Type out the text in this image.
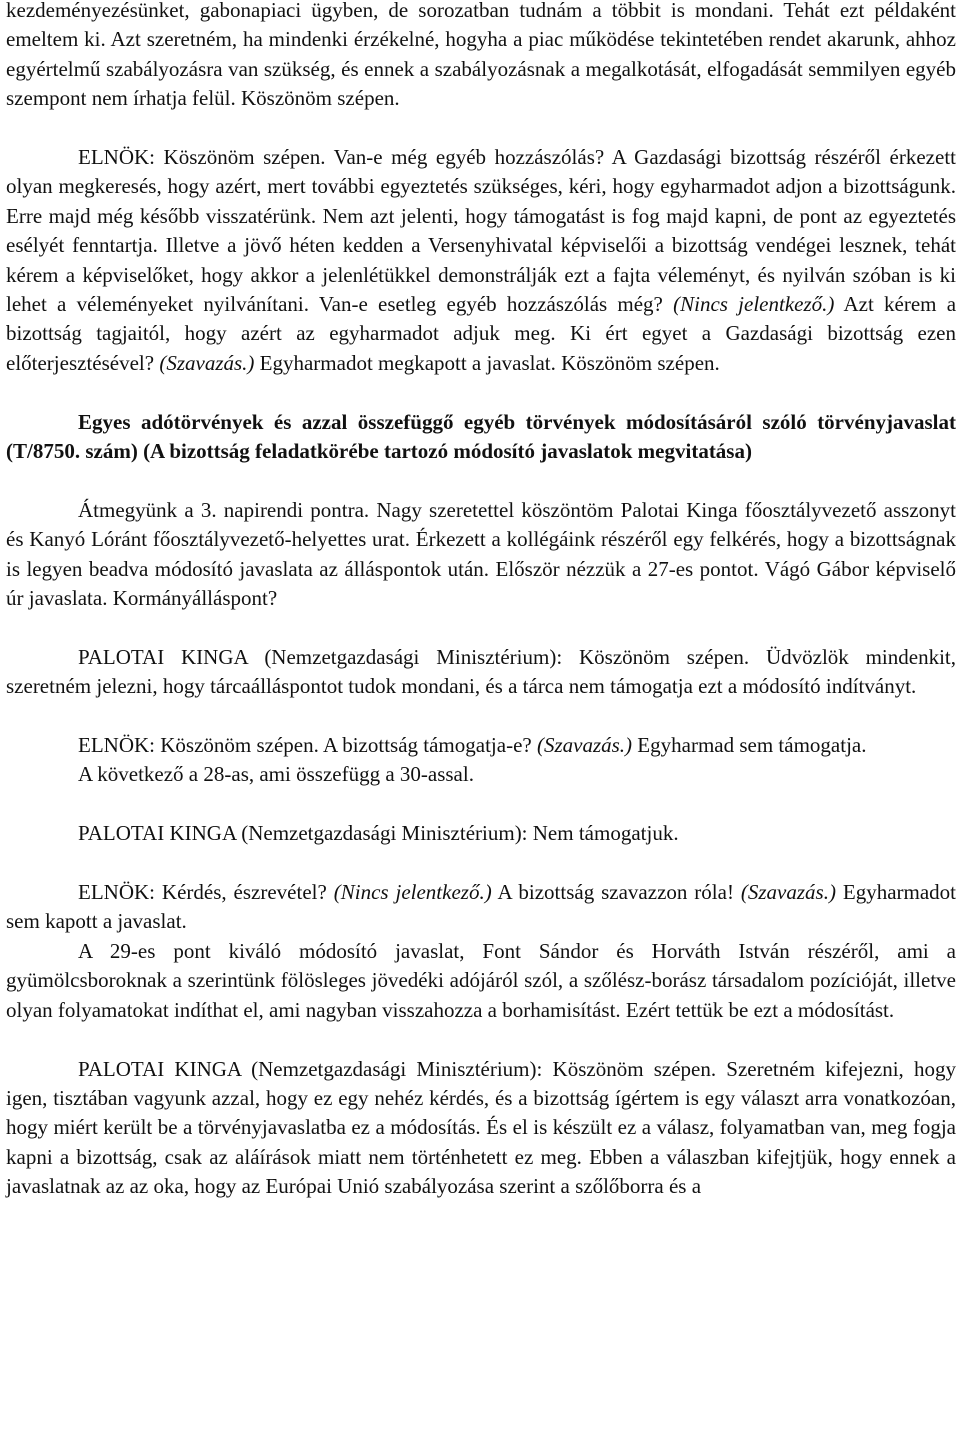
kezdeményezésünket, gabonapiaci ügyben, de sorozatban tudnám a többit is mondani. Tehát ezt példaként emeltem ki. Azt szeretném, ha mindenki érzékelné, hogyha a piac működése tekintetében rendet akarunk, ahhoz egyértelmű szabályozásra van szükség, és ennek a szabályozásnak a megalkotását, elfogadását semmilyen egyéb szempont nem írhatja felül. Köszönöm szépen.

ELNÖK: Köszönöm szépen. Van-e még egyéb hozzászólás? A Gazdasági bizottság részéről érkezett olyan megkeresés, hogy azért, mert további egyeztetés szükséges, kéri, hogy egyharmadot adjon a bizottságunk. Erre majd még később visszatérünk. Nem azt jelenti, hogy támogatást is fog majd kapni, de pont az egyeztetés esélyét fenntartja. Illetve a jövő héten kedden a Versenyhivatal képviselői a bizottság vendégei lesznek, tehát kérem a képviselőket, hogy akkor a jelenlétükkel demonstrálják ezt a fajta véleményt, és nyilván szóban is ki lehet a véleményeket nyilvánítani. Van-e esetleg egyéb hozzászólás még? (Nincs jelentkező.) Azt kérem a bizottság tagjaitól, hogy azért az egyharmadot adjuk meg. Ki ért egyet a Gazdasági bizottság ezen előterjesztésével? (Szavazás.) Egyharmadot megkapott a javaslat. Köszönöm szépen.

Egyes adótörvények és azzal összefüggő egyéb törvények módosításáról szóló törvényjavaslat (T/8750. szám) (A bizottság feladatkörébe tartozó módosító javaslatok megvitatása)

Átmegyünk a 3. napirendi pontra. Nagy szeretettel köszöntöm Palotai Kinga főosztályvezető asszonyt és Kanyó Lóránt főosztályvezető-helyettes urat. Érkezett a kollégáink részéről egy felkérés, hogy a bizottságnak is legyen beadva módosító javaslata az álláspontok után. Először nézzük a 27-es pontot. Vágó Gábor képviselő úr javaslata. Kormányálláspont?

PALOTAI KINGA (Nemzetgazdasági Minisztérium): Köszönöm szépen. Üdvözlök mindenkit, szeretném jelezni, hogy tárcaálláspontot tudok mondani, és a tárca nem támogatja ezt a módosító indítványt.

ELNÖK: Köszönöm szépen. A bizottság támogatja-e? (Szavazás.) Egyharmad sem támogatja.

A következő a 28-as, ami összefügg a 30-assal.

PALOTAI KINGA (Nemzetgazdasági Minisztérium): Nem támogatjuk.

ELNÖK: Kérdés, észrevétel? (Nincs jelentkező.) A bizottság szavazzon róla! (Szavazás.) Egyharmadot sem kapott a javaslat.

A 29-es pont kiváló módosító javaslat, Font Sándor és Horváth István részéről, ami a gyümölcsboroknak a szerintünk fölösleges jövedéki adójáról szól, a szőlész-borász társadalom pozícióját, illetve olyan folyamatokat indíthat el, ami nagyban visszahozza a borhamisítást. Ezért tettük be ezt a módosítást.

PALOTAI KINGA (Nemzetgazdasági Minisztérium): Köszönöm szépen. Szeretném kifejezni, hogy igen, tisztában vagyunk azzal, hogy ez egy nehéz kérdés, és a bizottság ígértem is egy választ arra vonatkozóan, hogy miért került be a törvényjavaslatba ez a módosítás. És el is készült ez a válasz, folyamatban van, meg fogja kapni a bizottság, csak az aláírások miatt nem történhetett ez meg. Ebben a válaszban kifejtjük, hogy ennek a javaslatnak az az oka, hogy az Európai Unió szabályozása szerint a szőlőborra és a
